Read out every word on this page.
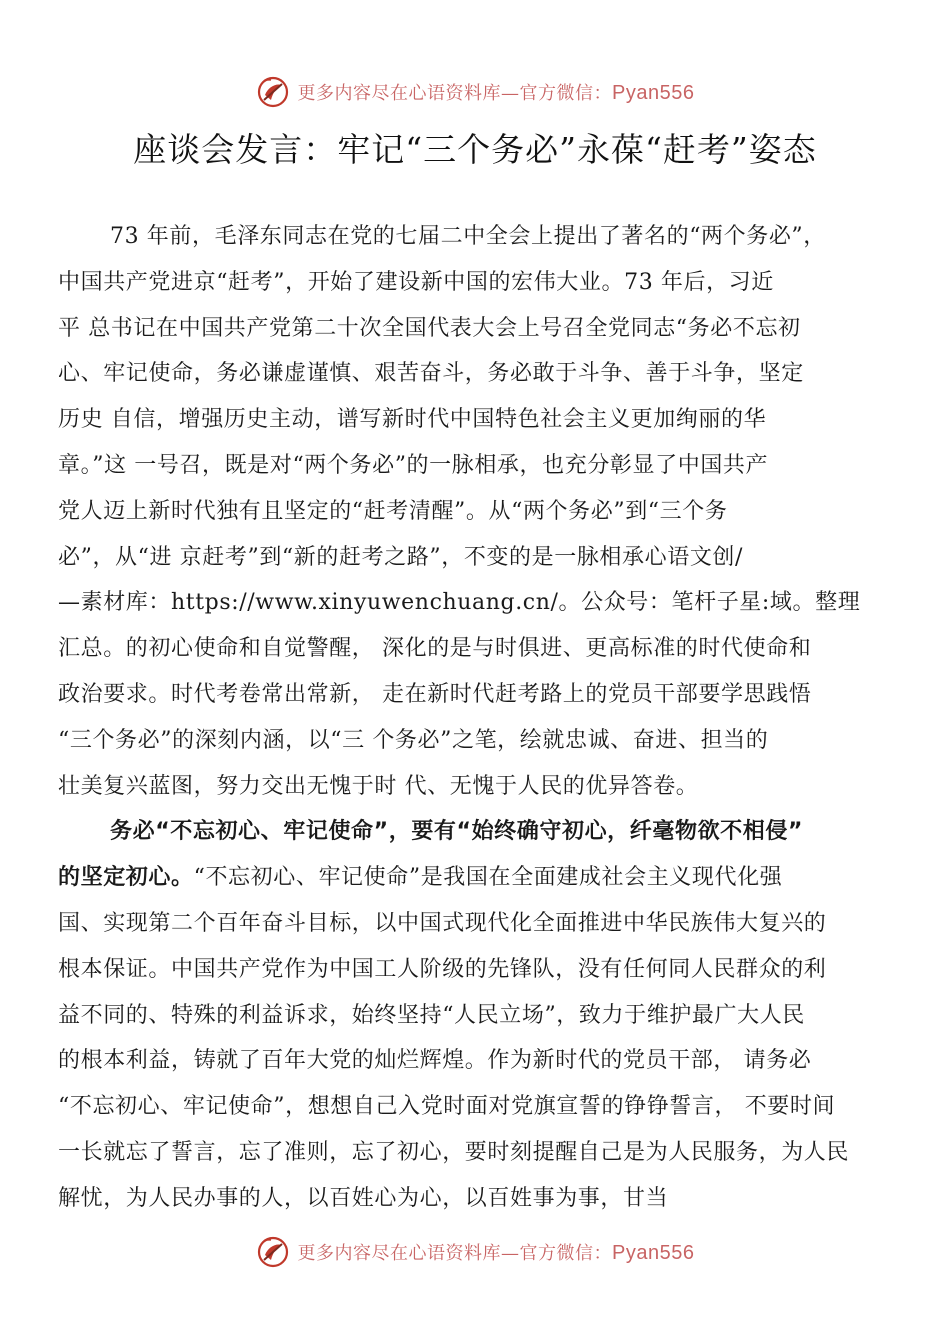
更多内容尽在心语资料库—官方微信：Pyan556
座谈会发言：牢记“三个务必”永葆“赶考”姿态
73 年前，毛泽东同志在党的七届二中全会上提出了著名的“两个务必”，
中国共产党进京“赶考”，开始了建设新中国的宏伟大业。73 年后，习近
平 总书记在中国共产党第二十次全国代表大会上号召全党同志“务必不忘初
心、牢记使命，务必谦虚谨慎、艰苦奋斗，务必敢于斗争、善于斗争，坚定
历史 自信，增强历史主动，谱写新时代中国特色社会主义更加绚丽的华
章。”这 一号召，既是对“两个务必”的一脉相承，也充分彰显了中国共产
党人迈上新时代独有且坚定的“赶考清醒”。从“两个务必”到“三个务
必”，从“进 京赶考”到“新的赶考之路”，不变的是一脉相承心语文创/
—素材库：https://www.xinyuwenchuang.cn/。公众号：笔杆子星:域。整理
汇总。的初心使命和自觉警醒， 深化的是与时俱进、更高标准的时代使命和
政治要求。时代考卷常出常新， 走在新时代赶考路上的党员干部要学思践悟
“三个务必”的深刻内涵，以“三 个务必”之笔，绘就忠诚、奋进、担当的
壮美复兴蓝图，努力交出无愧于时 代、无愧于人民的优异答卷。
务必“不忘初心、牢记使命”，要有“始终确守初心，纤毫物欲不相侵”
的坚定初心。“不忘初心、牢记使命”是我国在全面建成社会主义现代化强
国、实现第二个百年奋斗目标，以中国式现代化全面推进中华民族伟大复兴的
根本保证。中国共产党作为中国工人阶级的先锋队，没有任何同人民群众的利
益不同的、特殊的利益诉求，始终坚持“人民立场”，致力于维护最广大人民
的根本利益，铸就了百年大党的灿烂辉煌。作为新时代的党员干部， 请务必
“不忘初心、牢记使命”，想想自己入党时面对党旗宣誓的铮铮誓言， 不要时间
一长就忘了誓言，忘了准则，忘了初心，要时刻提醒自己是为人民服务，为人民
解忧，为人民办事的人，以百姓心为心，以百姓事为事，甘当
更多内容尽在心语资料库—官方微信：Pyan556
